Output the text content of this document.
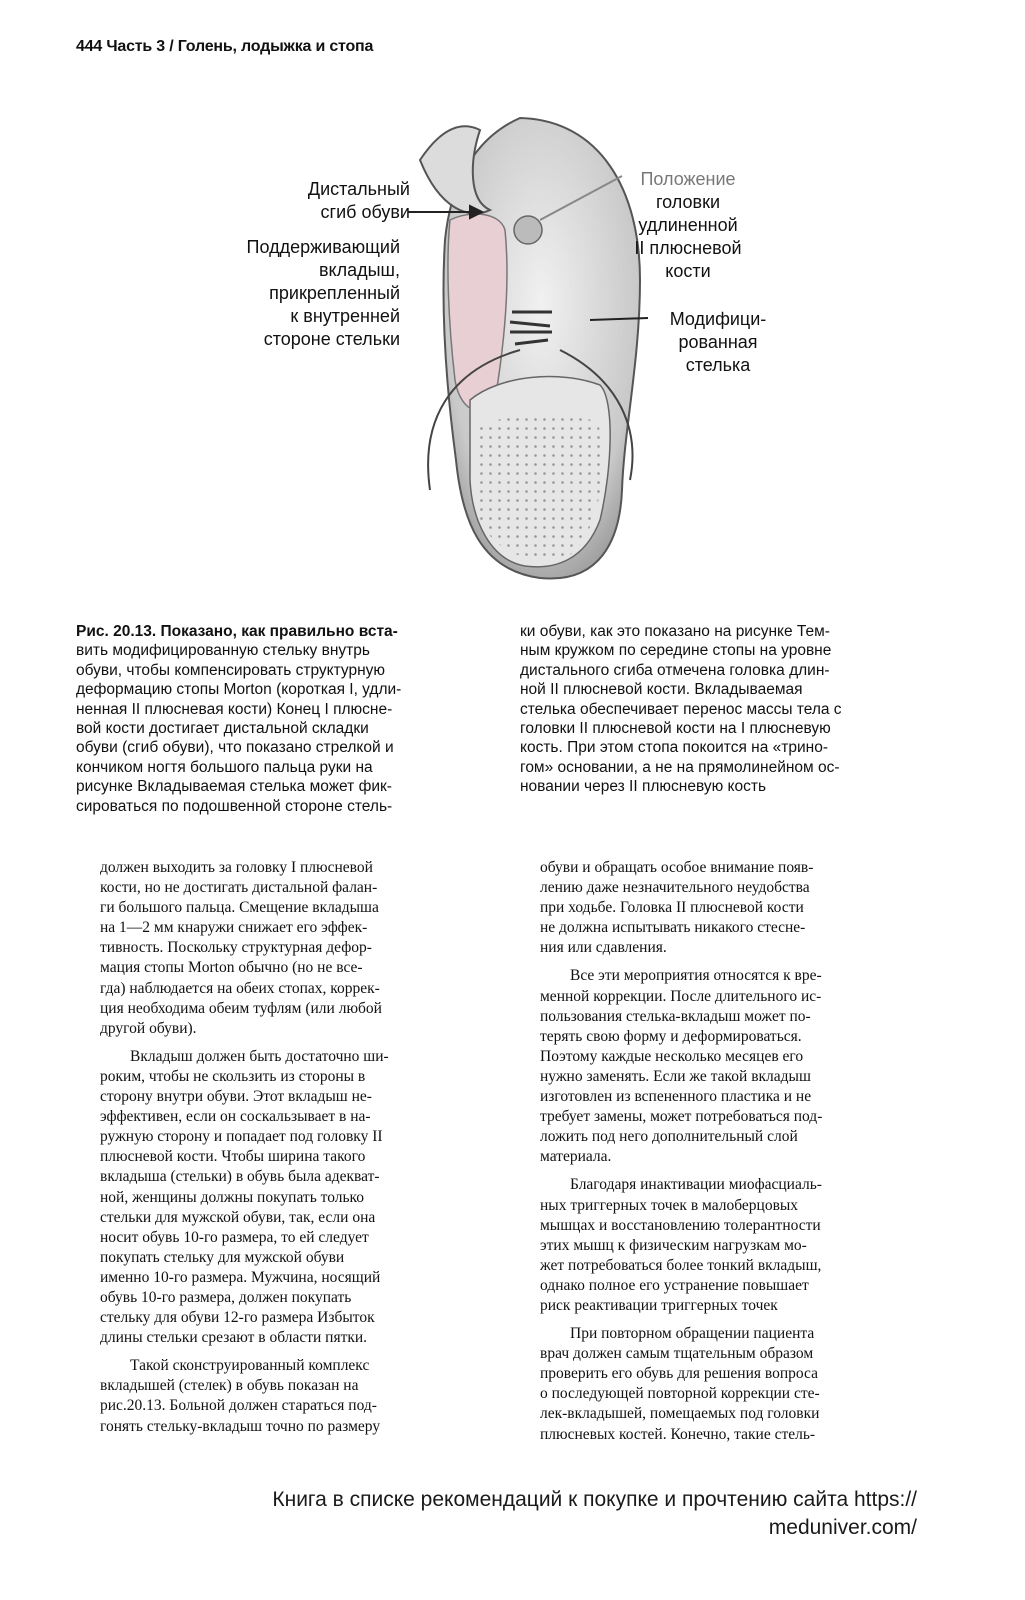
444 Часть 3 / Голень, лодыжка и стопа
Дистальный
сгиб обуви
Поддерживающий
вкладыш,
прикрепленный
к внутренней
стороне стельки
Положение
головки
удлиненной
II плюсневой
кости
Модифици-
рованная
стелька
Рис. 20.13. Показано, как правильно вста-
вить модифицированную стельку внутрь
обуви, чтобы компенсировать структурную
деформацию стопы Morton (короткая I, удли-
ненная II плюсневая кости) Конец I плюсне-
вой кости достигает дистальной складки
обуви (сгиб обуви), что показано стрелкой и
кончиком ногтя большого пальца руки на
рисунке Вкладываемая стелька может фик-
сироваться по подошвенной стороне стель-
ки обуви, как это показано на рисунке Тем-
ным кружком по середине стопы на уровне
дистального сгиба отмечена головка длин-
ной II плюсневой кости. Вкладываемая
стелька обеспечивает перенос массы тела с
головки II плюсневой кости на I плюсневую
кость. При этом стопа покоится на «трино-
гом» основании, а не на прямолинейном ос-
новании через II плюсневую кость
должен выходить за головку I плюсневой
кости, но не достигать дистальной фалан-
ги большого пальца. Смещение вкладыша
на 1—2 мм кнаружи снижает его эффек-
тивность. Поскольку структурная дефор-
мация стопы Morton обычно (но не все-
гда) наблюдается на обеих стопах, коррек-
ция необходима обеим туфлям (или любой
другой обуви).
Вкладыш должен быть достаточно ши-
роким, чтобы не скользить из стороны в
сторону внутри обуви. Этот вкладыш не-
эффективен, если он соскальзывает в на-
ружную сторону и попадает под головку II
плюсневой кости. Чтобы ширина такого
вкладыша (стельки) в обувь была адекват-
ной, женщины должны покупать только
стельки для мужской обуви, так, если она
носит обувь 10-го размера, то ей следует
покупать стельку для мужской обуви
именно 10-го размера. Мужчина, носящий
обувь 10-го размера, должен покупать
стельку для обуви 12-го размера Избыток
длины стельки срезают в области пятки.
Такой сконструированный комплекс
вкладышей (стелек) в обувь показан на
рис.20.13. Больной должен стараться под-
гонять стельку-вкладыш точно по размеру
обуви и обращать особое внимание появ-
лению даже незначительного неудобства
при ходьбе. Головка II плюсневой кости
не должна испытывать никакого стесне-
ния или сдавления.
Все эти мероприятия относятся к вре-
менной коррекции. После длительного ис-
пользования стелька-вкладыш может по-
терять свою форму и деформироваться.
Поэтому каждые несколько месяцев его
нужно заменять. Если же такой вкладыш
изготовлен из вспененного пластика и не
требует замены, может потребоваться под-
ложить под него дополнительный слой
материала.
Благодаря инактивации миофасциаль-
ных триггерных точек в малоберцовых
мышцах и восстановлению толерантности
этих мышц к физическим нагрузкам мо-
жет потребоваться более тонкий вкладыш,
однако полное его устранение повышает
риск реактивации триггерных точек
При повторном обращении пациента
врач должен самым тщательным образом
проверить его обувь для решения вопроса
о последующей повторной коррекции сте-
лек-вкладышей, помещаемых под головки
плюсневых костей. Конечно, такие стель-
Книга в списке рекомендаций к покупке и прочтению сайта https://
meduniver.com/
